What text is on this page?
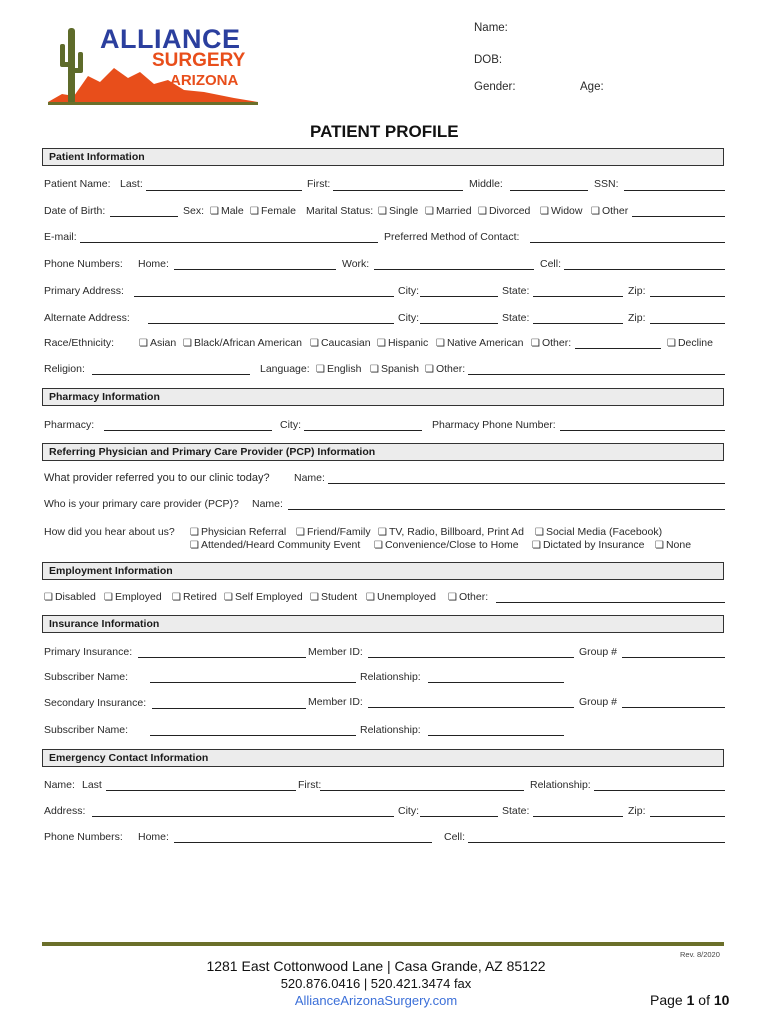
ALLIANCE
SURGERY
ARIZONA
Name:
DOB:
Gender:	Age:
PATIENT PROFILE
Patient Information
Patient Name: Last:	First:	Middle:	SSN:
Date of Birth:	Sex:	❏ Male	❏ Female Marital Status:	❏ Single	❏ Married	❏ Divorced	❏ Widow	❏ Other
E-mail:	Preferred Method of Contact:
Phone Numbers: Home:	Work:	Cell:
Primary Address:	City:	State:	Zip:
Alternate Address:	City:	State:	Zip:
Race/Ethnicity:	❏ Asian	❏ Black/African American	❏ Caucasian	❏ Hispanic	❏ Native American	❏ Other:	❏ Decline
Religion:	Language:	❏ English	❏ Spanish	❏ Other:
Pharmacy Information
Pharmacy:	City:	Pharmacy Phone Number:
Referring Physician and Primary Care Provider (PCP) Information
What provider referred you to our clinic today? Name:
Who is your primary care provider (PCP)? Name:
How did you hear about us?	❏ Physician Referral	❏ Friend/Family	❏ TV, Radio, Billboard, Print Ad	❏ Social Media (Facebook)
❏ Attended/Heard Community Event	❏ Convenience/Close to Home	❏ Dictated by Insurance	❏ None
Employment Information
❏ Disabled	❏ Employed	❏ Retired	❏ Self Employed	❏ Student	❏ Unemployed	❏ Other:
Insurance Information
Primary Insurance:	Member ID:	Group #
Subscriber Name:	Relationship:
Secondary Insurance:	Member ID:	Group #
Subscriber Name:	Relationship:
Emergency Contact Information
Name: Last	First:	Relationship:
Address:	City:	State:	Zip:
Phone Numbers: Home:	Cell:
Rev. 8/2020
1281 East Cottonwood Lane | Casa Grande, AZ 85122
520.876.0416 | 520.421.3474 fax
AllianceArizonaSurgery.com	Page 1 of 10
